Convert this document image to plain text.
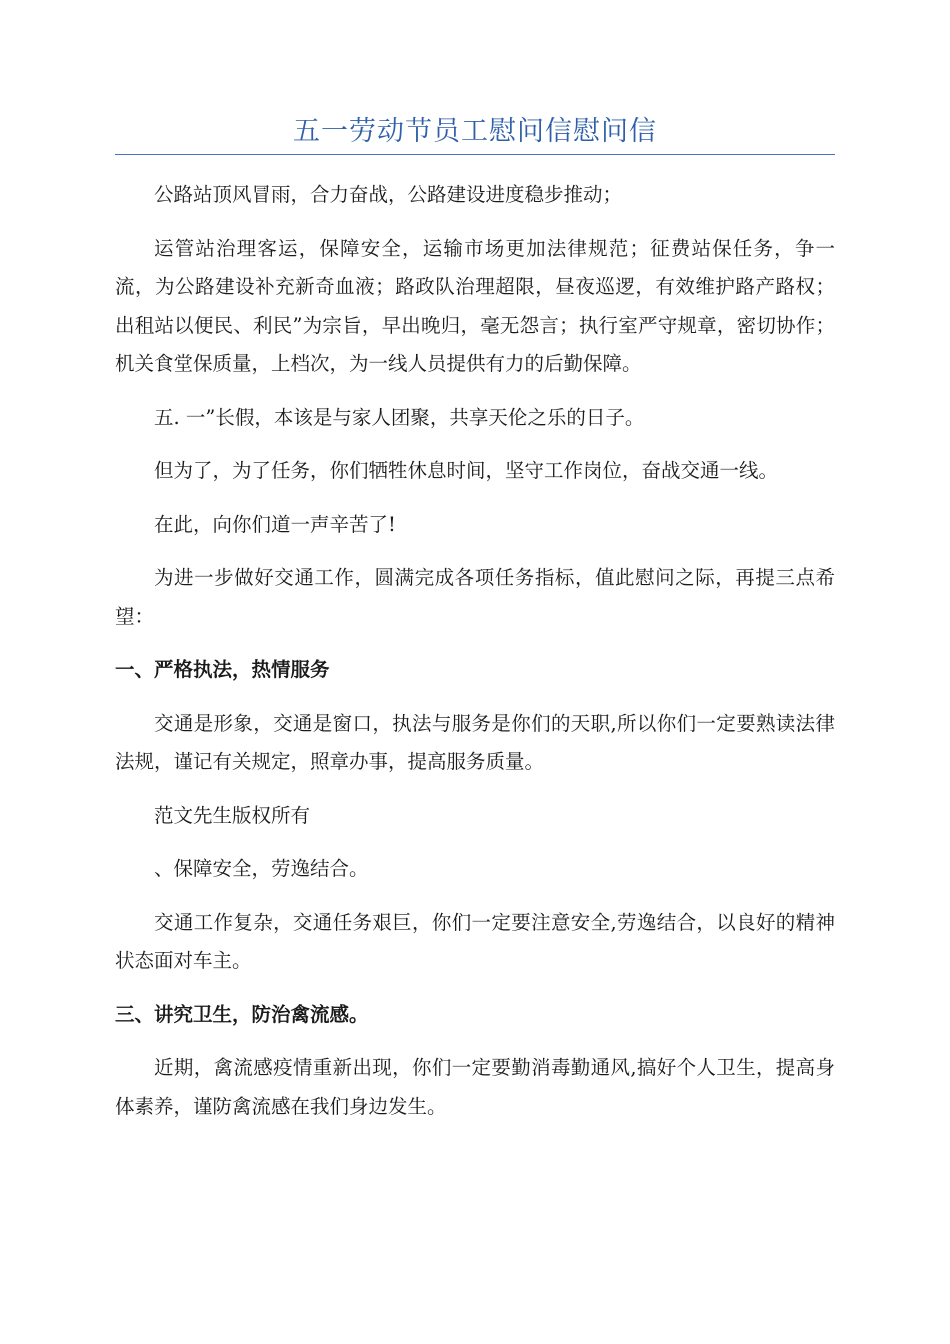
五一劳动节员工慰问信慰问信

公路站顶风冒雨，合力奋战，公路建设进度稳步推动；

运管站治理客运，保障安全，运输市场更加法律规范；征费站保任务，争一流，为公路建设补充新奇血液；路政队治理超限，昼夜巡逻，有效维护路产路权；出租站以便民、利民”为宗旨，早出晚归，毫无怨言；执行室严守规章，密切协作；机关食堂保质量，上档次，为一线人员提供有力的后勤保障。

五. 一”长假，本该是与家人团聚，共享天伦之乐的日子。

但为了，为了任务，你们牺牲休息时间，坚守工作岗位，奋战交通一线。

在此，向你们道一声辛苦了!

为进一步做好交通工作，圆满完成各项任务指标，值此慰问之际，再提三点希望：

一、严格执法，热情服务

交通是形象，交通是窗口，执法与服务是你们的天职,所以你们一定要熟读法律法规，谨记有关规定，照章办事，提高服务质量。

范文先生版权所有

、保障安全，劳逸结合。

交通工作复杂，交通任务艰巨，你们一定要注意安全,劳逸结合，以良好的精神状态面对车主。

三、讲究卫生，防治禽流感。

近期，禽流感疫情重新出现，你们一定要勤消毒勤通风,搞好个人卫生，提高身体素养，谨防禽流感在我们身边发生。
